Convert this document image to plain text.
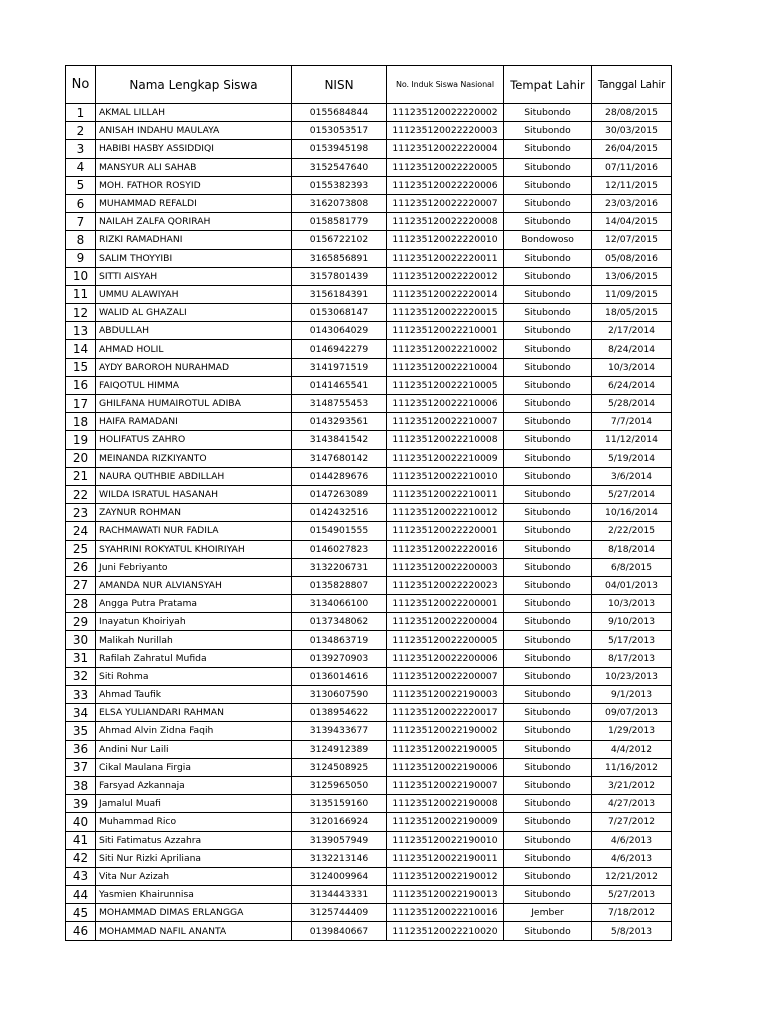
No	Nama Lengkap Siswa	NISN	No. Induk Siswa Nasional	Tempat Lahir	Tanggal Lahir
1	AKMAL LILLAH	0155684844	111235120022220002	Situbondo	28/08/2015
2	ANISAH INDAHU MAULAYA	0153053517	111235120022220003	Situbondo	30/03/2015
3	HABIBI HASBY ASSIDDIQI	0153945198	111235120022220004	Situbondo	26/04/2015
4	MANSYUR ALI SAHAB	3152547640	111235120022220005	Situbondo	07/11/2016
5	MOH. FATHOR ROSYID	0155382393	111235120022220006	Situbondo	12/11/2015
6	MUHAMMAD REFALDI	3162073808	111235120022220007	Situbondo	23/03/2016
7	NAILAH ZALFA QORIRAH	0158581779	111235120022220008	Situbondo	14/04/2015
8	RIZKI RAMADHANI	0156722102	111235120022220010	Bondowoso	12/07/2015
9	SALIM THOYYIBI	3165856891	111235120022220011	Situbondo	05/08/2016
10	SITTI AISYAH	3157801439	111235120022220012	Situbondo	13/06/2015
11	UMMU ALAWIYAH	3156184391	111235120022220014	Situbondo	11/09/2015
12	WALID AL GHAZALI	0153068147	111235120022220015	Situbondo	18/05/2015
13	ABDULLAH	0143064029	111235120022210001	Situbondo	2/17/2014
14	AHMAD HOLIL	0146942279	111235120022210002	Situbondo	8/24/2014
15	AYDY BAROROH NURAHMAD	3141971519	111235120022210004	Situbondo	10/3/2014
16	FAIQOTUL HIMMA	0141465541	111235120022210005	Situbondo	6/24/2014
17	GHILFANA HUMAIROTUL ADIBA	3148755453	111235120022210006	Situbondo	5/28/2014
18	HAIFA RAMADANI	0143293561	111235120022210007	Situbondo	7/7/2014
19	HOLIFATUS ZAHRO	3143841542	111235120022210008	Situbondo	11/12/2014
20	MEINANDA RIZKIYANTO	3147680142	111235120022210009	Situbondo	5/19/2014
21	NAURA QUTHBIE ABDILLAH	0144289676	111235120022210010	Situbondo	3/6/2014
22	WILDA ISRATUL HASANAH	0147263089	111235120022210011	Situbondo	5/27/2014
23	ZAYNUR ROHMAN	0142432516	111235120022210012	Situbondo	10/16/2014
24	RACHMAWATI NUR FADILA	0154901555	111235120022220001	Situbondo	2/22/2015
25	SYAHRINI ROKYATUL KHOIRIYAH	0146027823	111235120022220016	Situbondo	8/18/2014
26	Juni Febriyanto	3132206731	111235120022200003	Situbondo	6/8/2015
27	AMANDA NUR ALVIANSYAH	0135828807	111235120022220023	Situbondo	04/01/2013
28	Angga Putra Pratama	3134066100	111235120022200001	Situbondo	10/3/2013
29	Inayatun Khoiriyah	0137348062	111235120022200004	Situbondo	9/10/2013
30	Malikah Nurillah	0134863719	111235120022200005	Situbondo	5/17/2013
31	Rafilah Zahratul Mufida	0139270903	111235120022200006	Situbondo	8/17/2013
32	Siti Rohma	0136014616	111235120022200007	Situbondo	10/23/2013
33	Ahmad Taufik	3130607590	111235120022190003	Situbondo	9/1/2013
34	ELSA YULIANDARI RAHMAN	0138954622	111235120022220017	Situbondo	09/07/2013
35	Ahmad Alvin Zidna Faqih	3139433677	111235120022190002	Situbondo	1/29/2013
36	Andini Nur Laili	3124912389	111235120022190005	Situbondo	4/4/2012
37	Cikal Maulana Firgia	3124508925	111235120022190006	Situbondo	11/16/2012
38	Farsyad Azkannaja	3125965050	111235120022190007	Situbondo	3/21/2012
39	Jamalul Muafi	3135159160	111235120022190008	Situbondo	4/27/2013
40	Muhammad Rico	3120166924	111235120022190009	Situbondo	7/27/2012
41	Siti Fatimatus Azzahra	3139057949	111235120022190010	Situbondo	4/6/2013
42	Siti Nur Rizki Apriliana	3132213146	111235120022190011	Situbondo	4/6/2013
43	Vita Nur Azizah	3124009964	111235120022190012	Situbondo	12/21/2012
44	Yasmien Khairunnisa	3134443331	111235120022190013	Situbondo	5/27/2013
45	MOHAMMAD DIMAS ERLANGGA	3125744409	111235120022210016	Jember	7/18/2012
46	MOHAMMAD NAFIL ANANTA	0139840667	111235120022210020	Situbondo	5/8/2013
